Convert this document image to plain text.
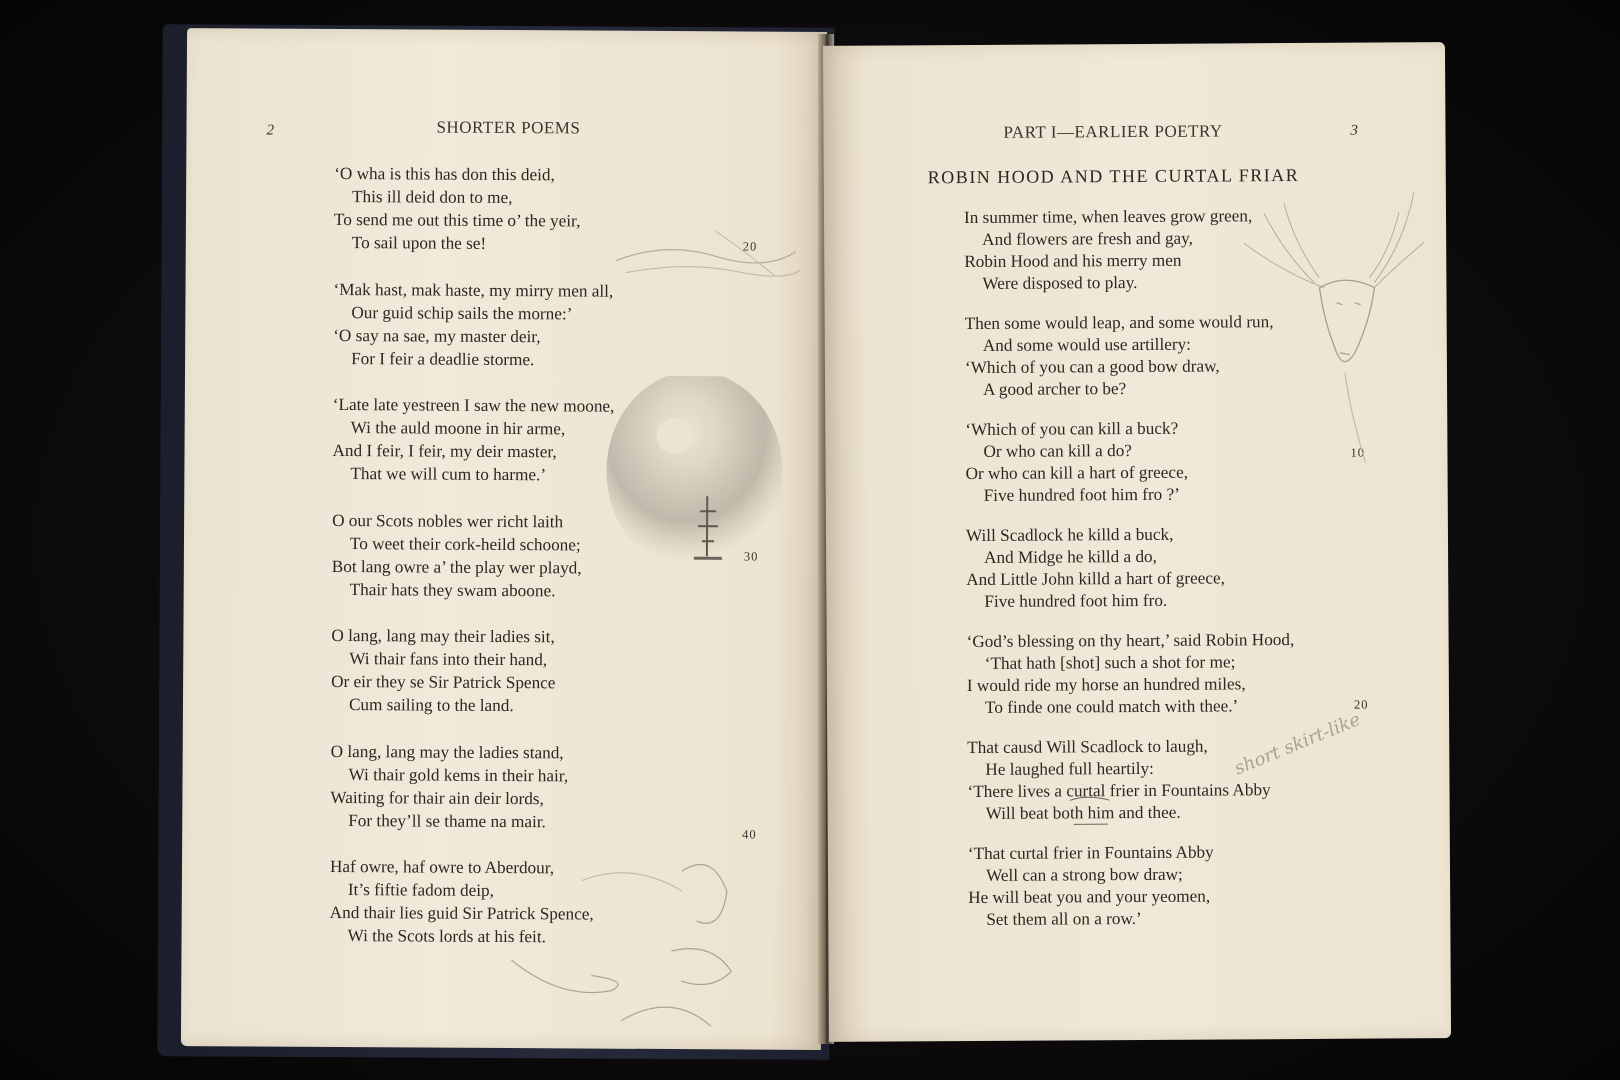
2	SHORTER POEMS
‘O wha is this has don this deid,
This ill deid don to me,
To send me out this time o’ the yeir,
To sail upon the se!
‘Mak hast, mak haste, my mirry men all,
Our guid schip sails the morne:’
‘O say na sae, my master deir,
For I feir a deadlie storme.
‘Late late yestreen I saw the new moone,
Wi the auld moone in hir arme,
And I feir, I feir, my deir master,
That we will cum to harme.’
O our Scots nobles wer richt laith
To weet their cork-heild schoone;
Bot lang owre a’ the play wer playd,
Thair hats they swam aboone.
O lang, lang may their ladies sit,
Wi thair fans into their hand,
Or eir they se Sir Patrick Spence
Cum sailing to the land.
O lang, lang may the ladies stand,
Wi thair gold kems in their hair,
Waiting for thair ain deir lords,
For they’ll se thame na mair.
Haf owre, haf owre to Aberdour,
It’s fiftie fadom deip,
And thair lies guid Sir Patrick Spence,
Wi the Scots lords at his feit.
20
30
40
PART I—EARLIER POETRY	3
ROBIN HOOD AND THE CURTAL FRIAR
In summer time, when leaves grow green,
And flowers are fresh and gay,
Robin Hood and his merry men
Were disposed to play.
Then some would leap, and some would run,
And some would use artillery:
‘Which of you can a good bow draw,
A good archer to be?
‘Which of you can kill a buck?
Or who can kill a do?
Or who can kill a hart of greece,
Five hundred foot him fro ?’
Will Scadlock he killd a buck,
And Midge he killd a do,
And Little John killd a hart of greece,
Five hundred foot him fro.
‘God’s blessing on thy heart,’ said Robin Hood,
‘That hath [shot] such a shot for me;
I would ride my horse an hundred miles,
To finde one could match with thee.’
That causd Will Scadlock to laugh,
He laughed full heartily:
‘There lives a curtal frier in Fountains Abby
Will beat both him and thee.
‘That curtal frier in Fountains Abby
Well can a strong bow draw;
He will beat you and your yeomen,
Set them all on a row.’
10
20
short skirt-like
